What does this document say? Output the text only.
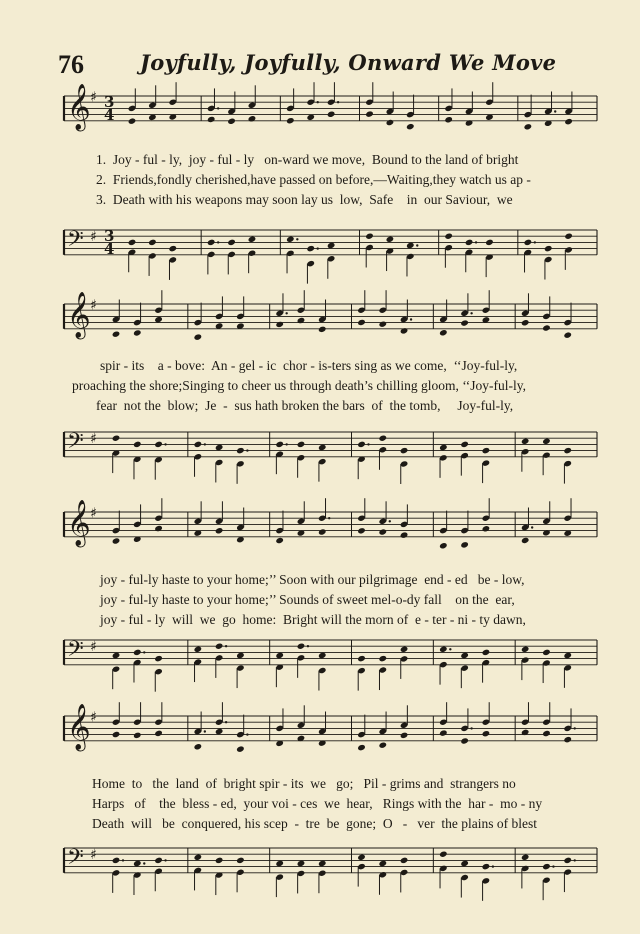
76	Joyfully, Joyfully, Onward We Move
𝄞 ♯ 3
4
1.  Joy - ful - ly,  joy - ful - ly   on-ward we move,  Bound to the land of bright
2.  Friends,fondly cherished,have passed on before,—Waiting,they watch us ap -
3.  Death with his weapons may soon lay us  low,  Safe    in  our Saviour,  we
𝄢 ♯ 3
4
𝄞 ♯
spir - its    a - bove:  An - gel - ic  chor - is-ters sing as we come,  ‘‘Joy-ful-ly,
proaching the shore;Singing to cheer us through death’s chilling gloom, ‘‘Joy-ful-ly,
fear  not the  blow;  Je  -  sus hath broken the bars  of  the tomb,     Joy-ful-ly,
𝄢 ♯
𝄞 ♯
joy - ful-ly haste to your home;’’ Soon with our pilgrimage  end - ed   be - low,
joy - ful-ly haste to your home;’’ Sounds of sweet mel-o-dy fall    on the  ear,
joy - ful - ly  will  we  go  home:  Bright will the morn of  e - ter - ni - ty dawn,
𝄢 ♯
𝄞 ♯
Home  to   the  land  of  bright spir - its  we   go;   Pil - grims and  strangers no
Harps   of    the  bless - ed,  your voi - ces  we  hear,   Rings with the  har -  mo - ny
Death  will   be  conquered, his scep  -  tre  be  gone;  O   -   ver  the plains of blest
𝄢 ♯
